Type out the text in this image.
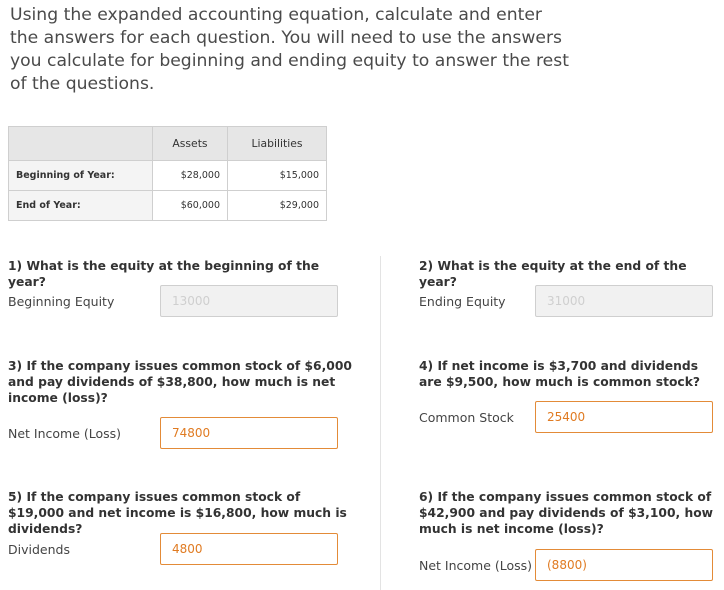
Using the expanded accounting equation, calculate and enter the answers for each question. You will need to use the answers you calculate for beginning and ending equity to answer the rest of the questions.

	Assets	Liabilities
Beginning of Year:	$28,000	$15,000
End of Year:	$60,000	$29,000

1) What is the equity at the beginning of the year?

Beginning Equity	13000

2) What is the equity at the end of the year?

Ending Equity	31000

3) If the company issues common stock of $6,000 and pay dividends of $38,800, how much is net income (loss)?

Net Income (Loss)	74800

4) If net income is $3,700 and dividends are $9,500, how much is common stock?

Common Stock	25400

5) If the company issues common stock of $19,000 and net income is $16,800, how much is dividends?

Dividends	4800

6) If the company issues common stock of $42,900 and pay dividends of $3,100, how much is net income (loss)?

Net Income (Loss)	(8800)
